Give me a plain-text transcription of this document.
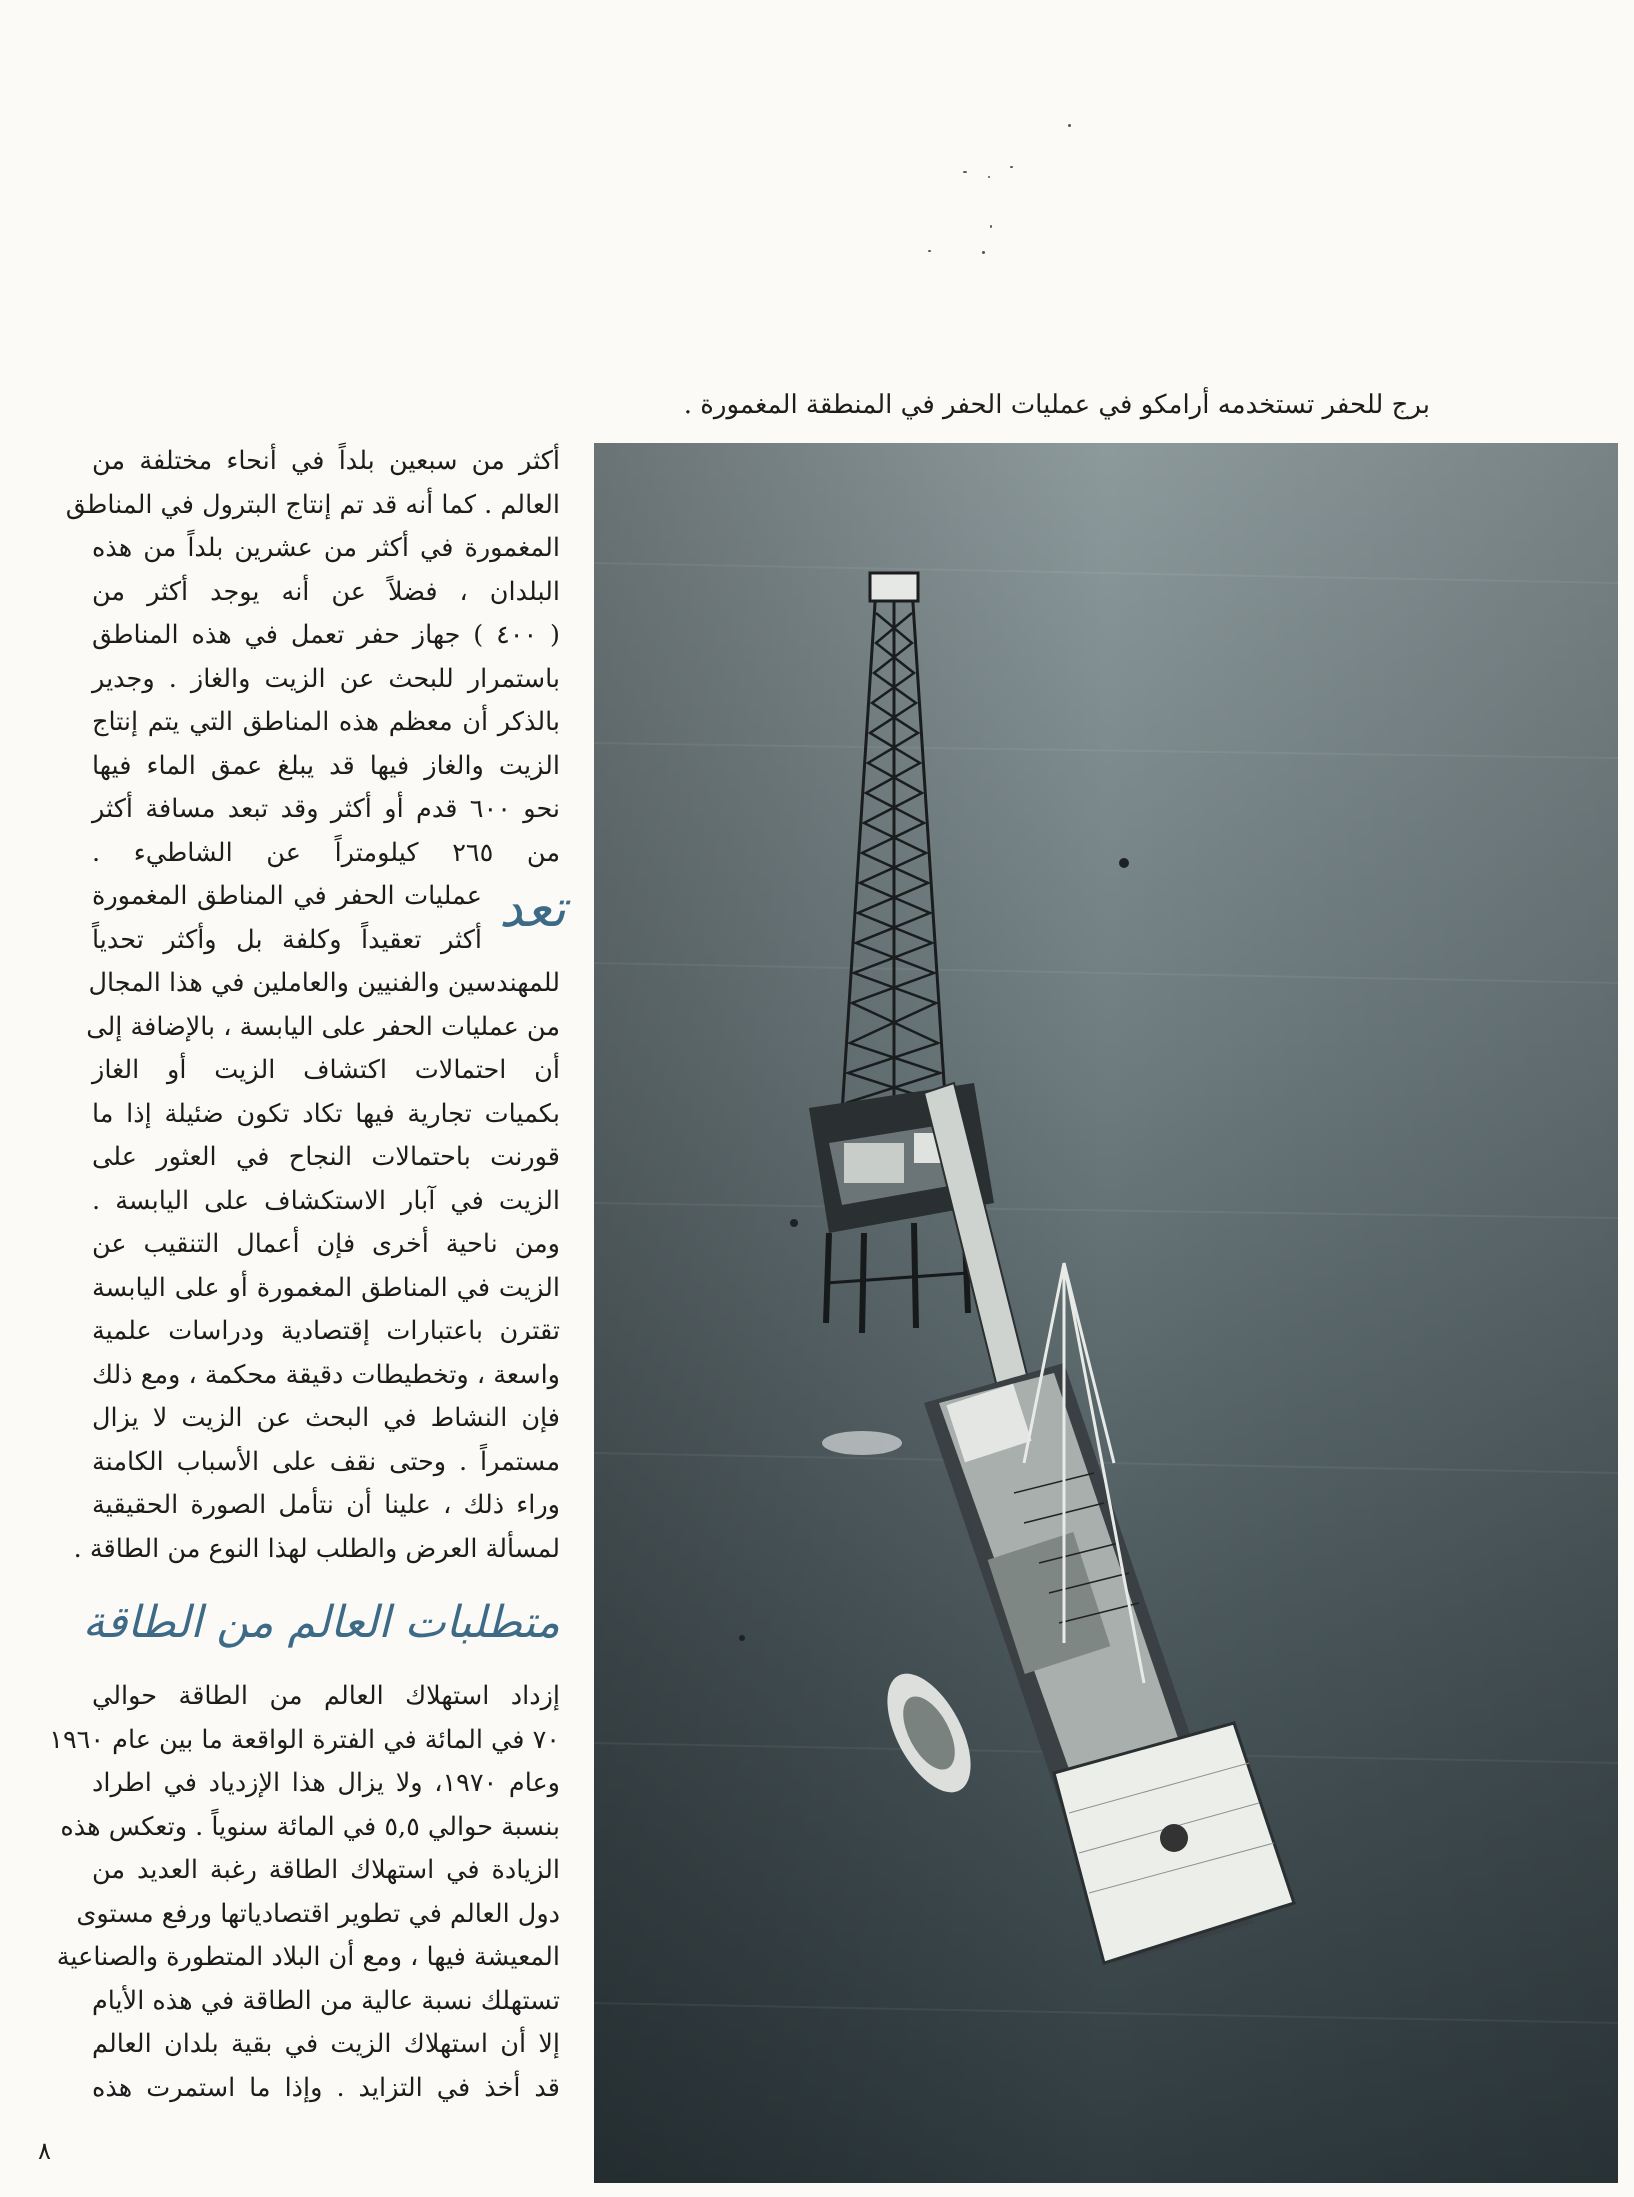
برج للحفر تستخدمه أرامكو في عمليات الحفر في المنطقة المغمورة .
أكثر من سبعين بلداً في أنحاء مختلفة من
العالم . كما أنه قد تم إنتاج البترول في المناطق
المغمورة في أكثر من عشرين بلداً من هذه
البلدان ، فضلاً عن أنه يوجد أكثر من
( ٤٠٠ ) جهاز حفر تعمل في هذه المناطق
باستمرار للبحث عن الزيت والغاز . وجدير
بالذكر أن معظم هذه المناطق التي يتم إنتاج
الزيت والغاز فيها قد يبلغ عمق الماء فيها
نحو ٦٠٠ قدم أو أكثر وقد تبعد مسافة أكثر
من ٢٦٥ كيلومتراً عن الشاطيء .
تعد
عمليات الحفر في المناطق المغمورة
أكثر تعقيداً وكلفة بل وأكثر تحدياً
للمهندسين والفنيين والعاملين في هذا المجال
من عمليات الحفر على اليابسة ، بالإضافة إلى
أن احتمالات اكتشاف الزيت أو الغاز
بكميات تجارية فيها تكاد تكون ضئيلة إذا ما
قورنت باحتمالات النجاح في العثور على
الزيت في آبار الاستكشاف على اليابسة .
ومن ناحية أخرى فإن أعمال التنقيب عن
الزيت في المناطق المغمورة أو على اليابسة
تقترن باعتبارات إقتصادية ودراسات علمية
واسعة ، وتخطيطات دقيقة محكمة ، ومع ذلك
فإن النشاط في البحث عن الزيت لا يزال
مستمراً . وحتى نقف على الأسباب الكامنة
وراء ذلك ، علينا أن نتأمل الصورة الحقيقية
لمسألة العرض والطلب لهذا النوع من الطاقة .
متطلبات العالم من الطاقة
إزداد استهلاك العالم من الطاقة حوالي
٧٠ في المائة في الفترة الواقعة ما بين عام ١٩٦٠
وعام ١٩٧٠، ولا يزال هذا الإزدياد في اطراد
بنسبة حوالي ٥,٥ في المائة سنوياً . وتعكس هذه
الزيادة في استهلاك الطاقة رغبة العديد من
دول العالم في تطوير اقتصادياتها ورفع مستوى
المعيشة فيها ، ومع أن البلاد المتطورة والصناعية
تستهلك نسبة عالية من الطاقة في هذه الأيام
إلا أن استهلاك الزيت في بقية بلدان العالم
قد أخذ في التزايد . وإذا ما استمرت هذه
٨
